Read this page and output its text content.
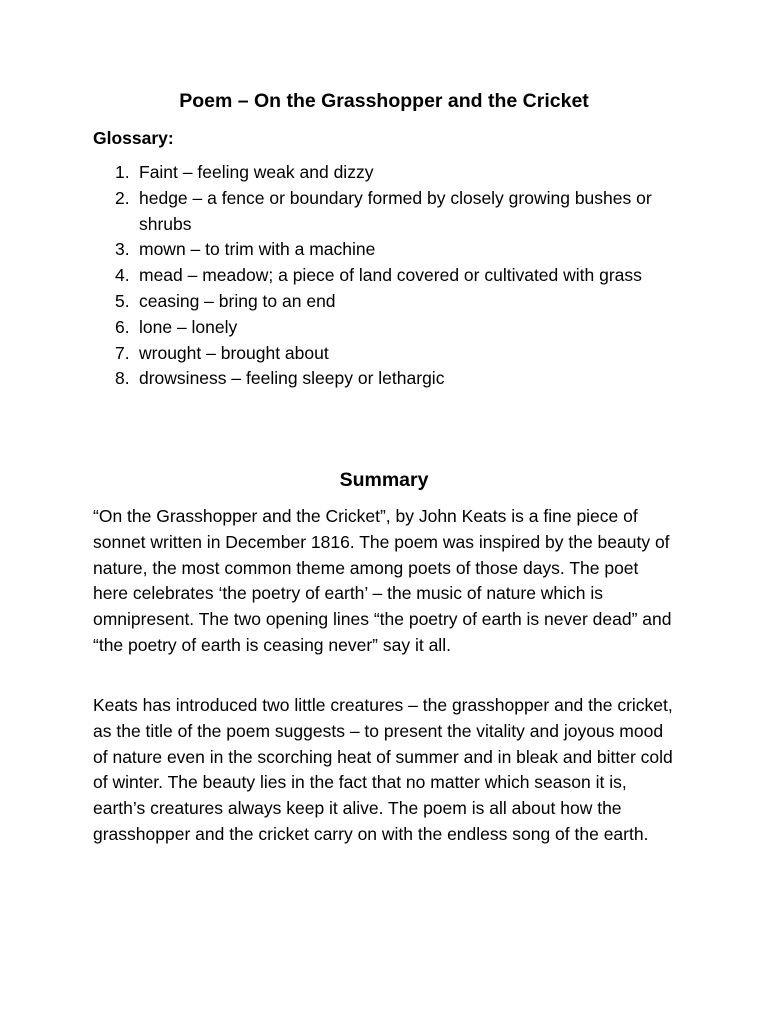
Poem – On the Grasshopper and the Cricket
Glossary:
1. Faint – feeling weak and dizzy
2. hedge – a fence or boundary formed by closely growing bushes or shrubs
3. mown – to trim with a machine
4. mead – meadow; a piece of land covered or cultivated with grass
5. ceasing – bring to an end
6. lone – lonely
7. wrought – brought about
8. drowsiness – feeling sleepy or lethargic
Summary

“On the Grasshopper and the Cricket”, by John Keats is a fine piece of sonnet written in December 1816. The poem was inspired by the beauty of nature, the most common theme among poets of those days. The poet here celebrates ‘the poetry of earth’ – the music of nature which is omnipresent. The two opening lines “the poetry of earth is never dead” and “the poetry of earth is ceasing never” say it all.

Keats has introduced two little creatures – the grasshopper and the cricket, as the title of the poem suggests – to present the vitality and joyous mood of nature even in the scorching heat of summer and in bleak and bitter cold of winter. The beauty lies in the fact that no matter which season it is, earth’s creatures always keep it alive. The poem is all about how the grasshopper and the cricket carry on with the endless song of the earth.
